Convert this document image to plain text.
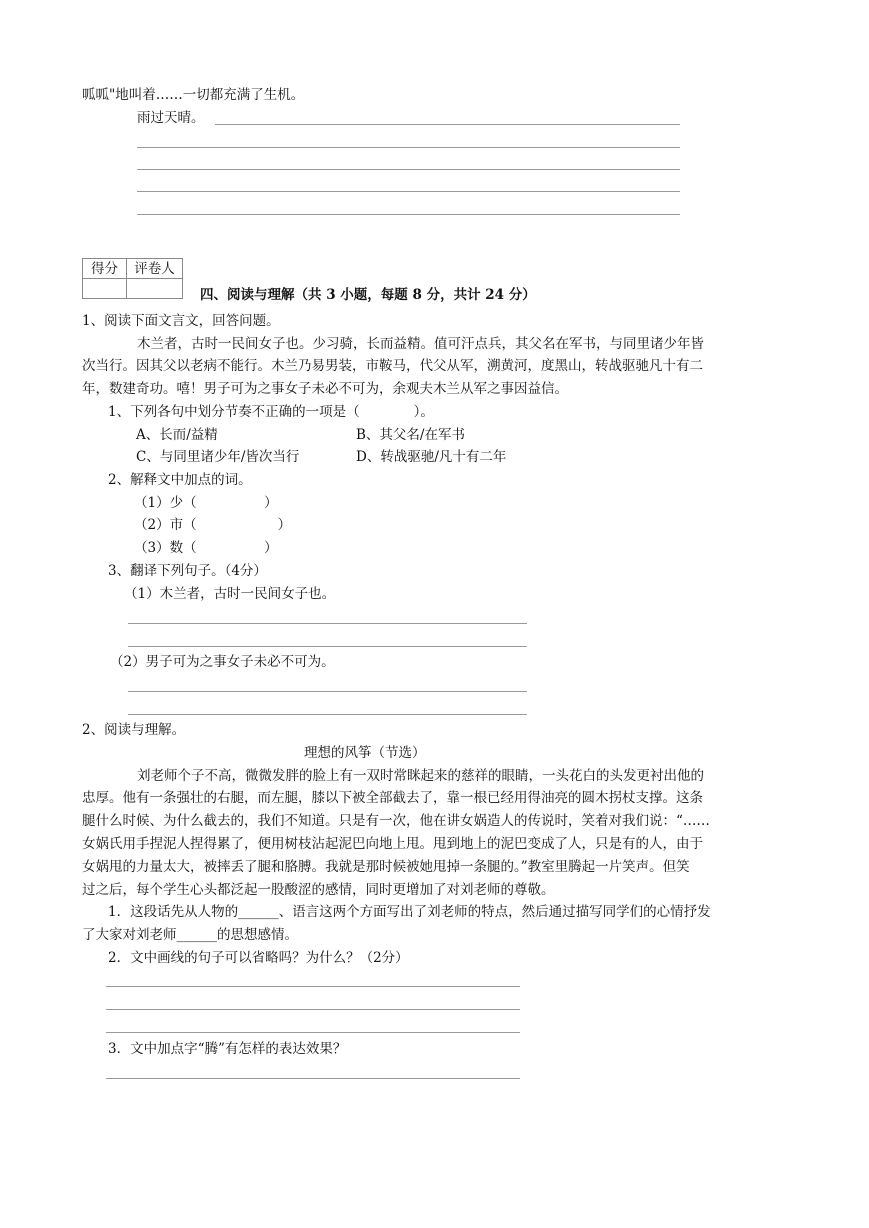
呱呱"地叫着……一切都充满了生机。
雨过天晴。
得分	评卷人

四、阅读与理解（共 3 小题，每题 8 分，共计 24 分）
1、阅读下面文言文，回答问题。
木兰者，古时一民间女子也。少习骑，长而益精。值可汗点兵，其父名在军书，与同里诸少年皆
次当行。因其父以老病不能行。木兰乃易男装，市鞍马，代父从军，溯黄河，度黑山，转战驱驰凡十有二
年，数建奇功。嘻！男子可为之事女子未必不可为，余观夫木兰从军之事因益信。
1、下列各句中划分节奏不正确的一项是（　　　　）。
A、长而/益精	B、其父名/在军书
C、与同里诸少年/皆次当行	D、转战驱驰/凡十有二年
2、解释文中加点的词。
（1）少（　　　　　）
（2）市（　　　　　　）
（3）数（　　　　　）
3、翻译下列句子。（4分）
（1）木兰者，古时一民间女子也。
（2）男子可为之事女子未必不可为。
2、阅读与理解。
理想的风筝（节选）
刘老师个子不高，微微发胖的脸上有一双时常眯起来的慈祥的眼睛，一头花白的头发更衬出他的
忠厚。他有一条强壮的右腿，而左腿，膝以下被全部截去了，靠一根已经用得油亮的圆木拐杖支撑。这条
腿什么时候、为什么截去的，我们不知道。只是有一次，他在讲女娲造人的传说时，笑着对我们说：“……
女娲氏用手捏泥人捏得累了，便用树枝沾起泥巴向地上甩。甩到地上的泥巴变成了人，只是有的人，由于
女娲甩的力量太大，被摔丢了腿和胳膊。我就是那时候被她甩掉一条腿的。”教室里腾起一片笑声。但笑
过之后，每个学生心头都泛起一股酸涩的感情，同时更增加了对刘老师的尊敬。
1．这段话先从人物的______、语言这两个方面写出了刘老师的特点，然后通过描写同学们的心情抒发
了大家对刘老师______的思想感情。
2．文中画线的句子可以省略吗？为什么？（2分）
3．文中加点字“腾”有怎样的表达效果？
